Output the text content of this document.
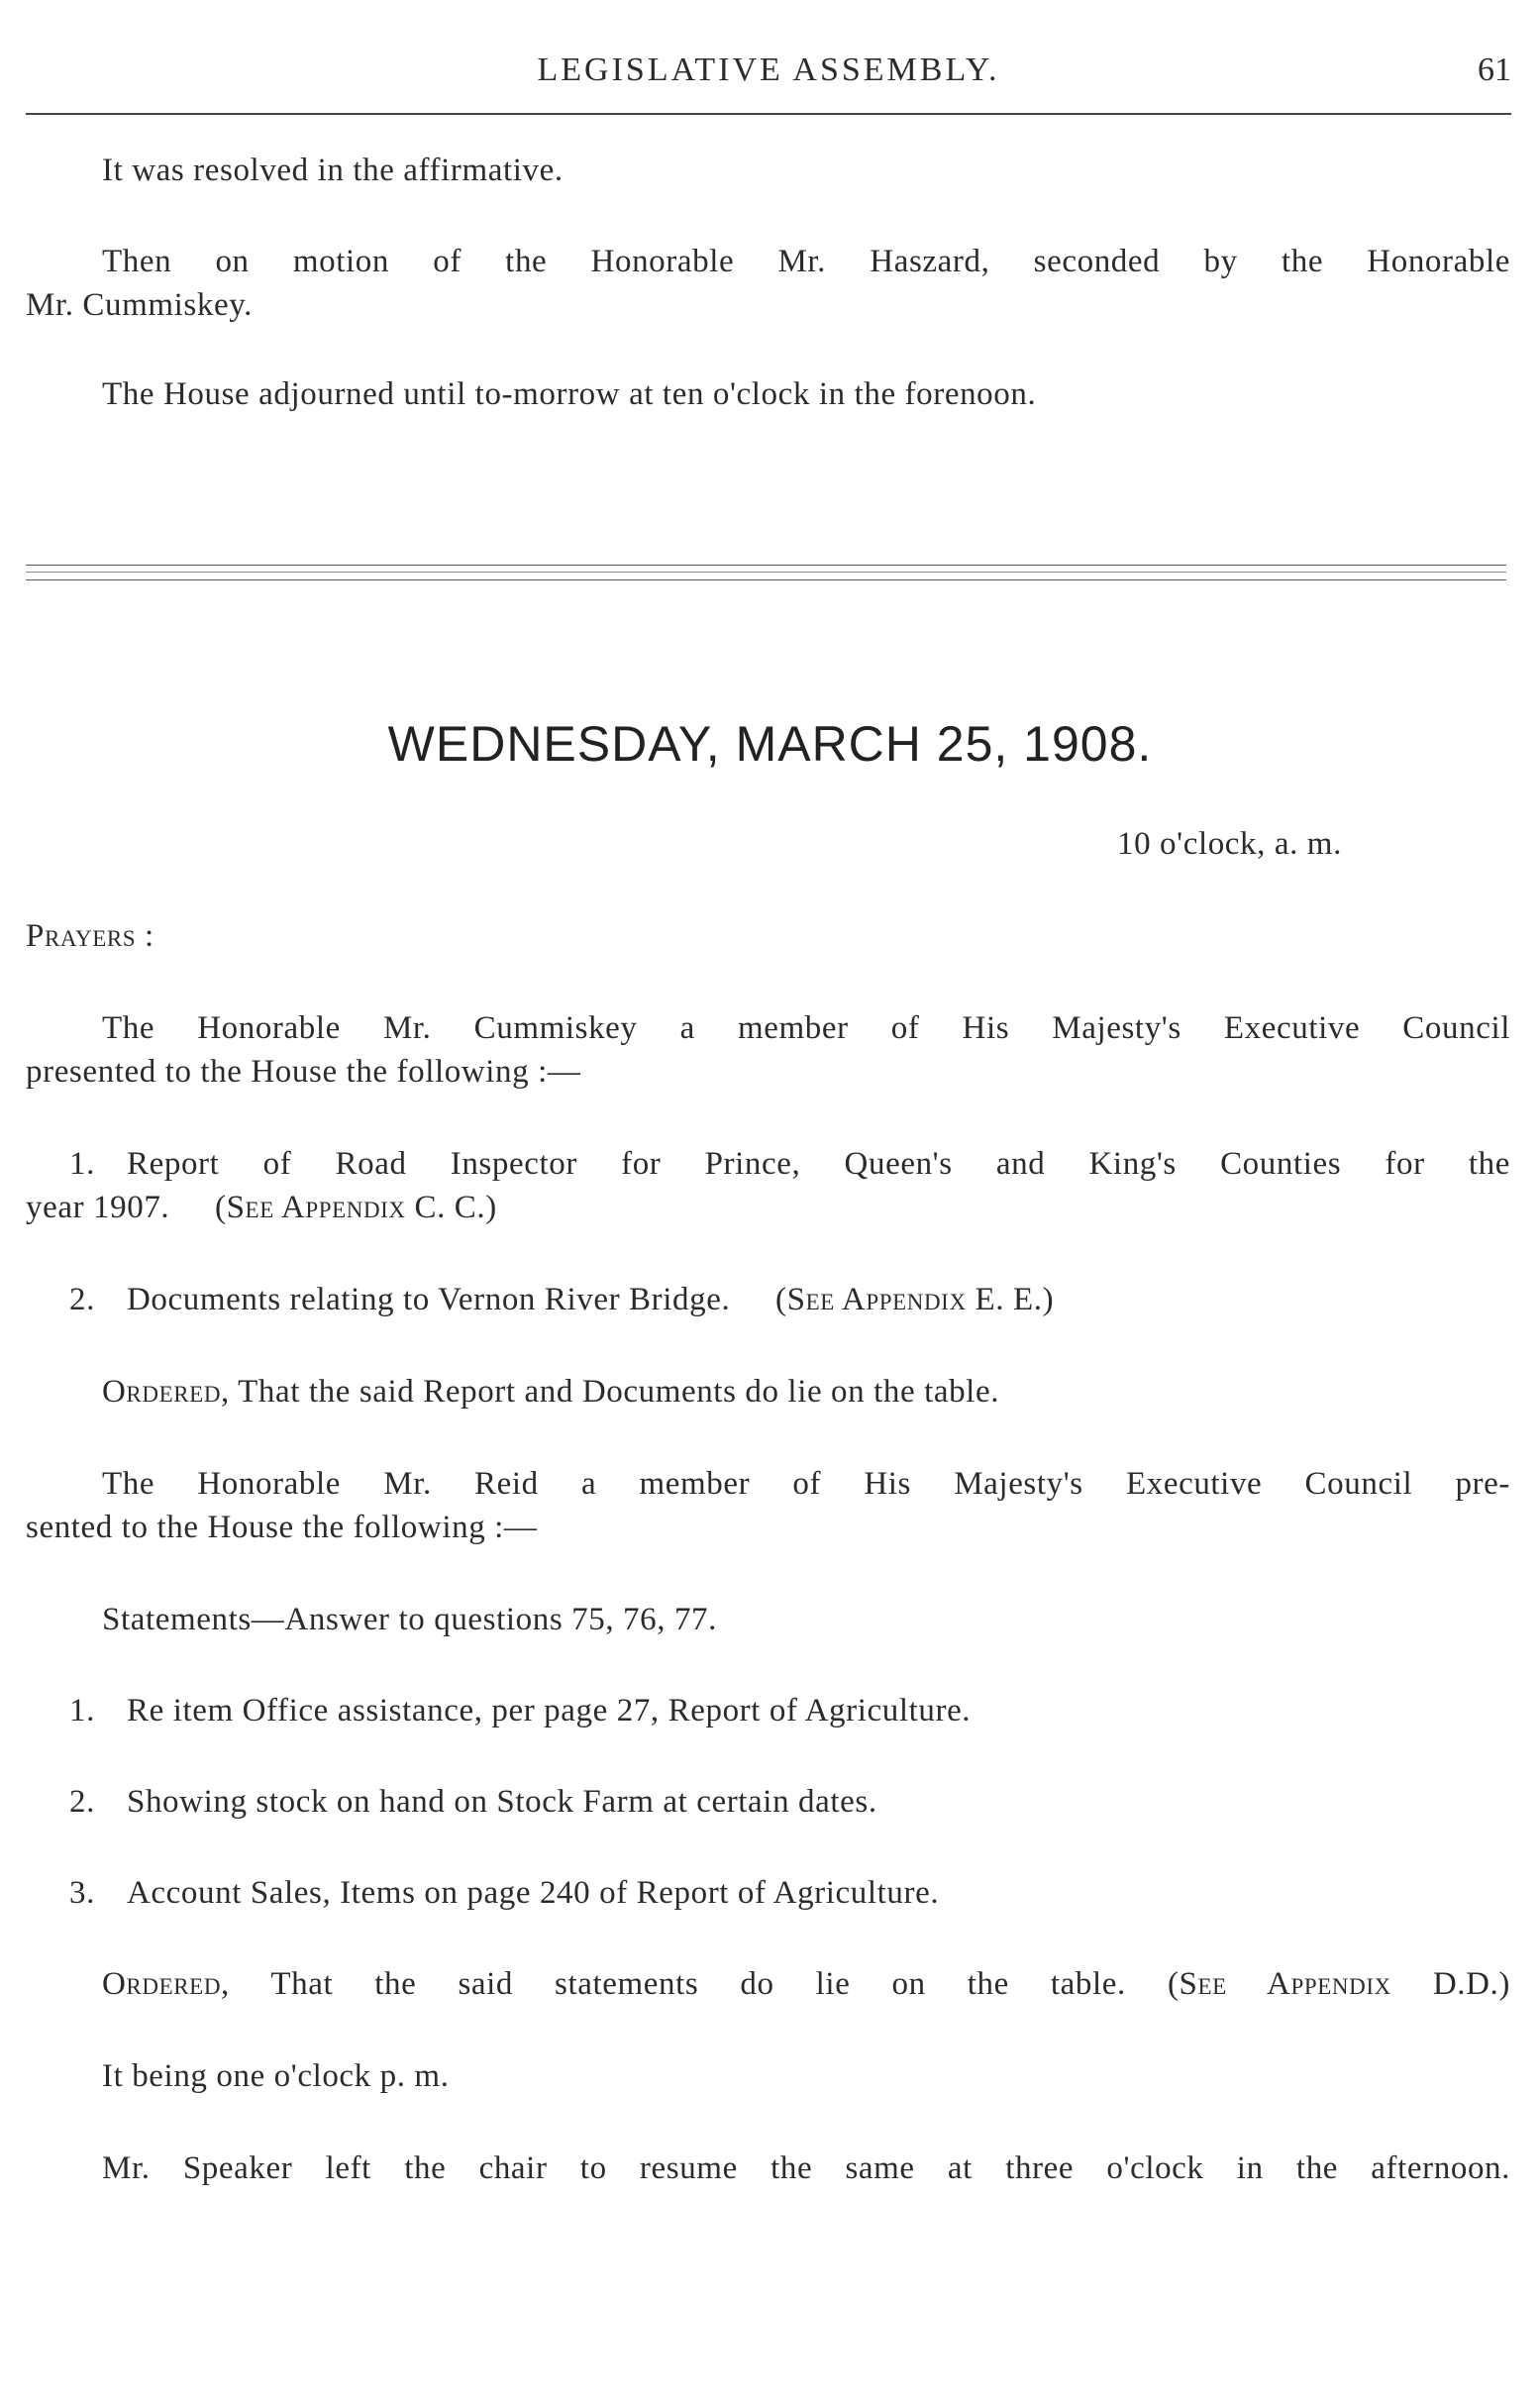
LEGISLATIVE ASSEMBLY.	61
It was resolved in the affirmative.
Then on motion of the Honorable Mr. Haszard, seconded by the Honorable
Mr. Cummiskey.
The House adjourned until to-morrow at ten o'clock in the forenoon.
WEDNESDAY, MARCH 25, 1908.
10 o'clock, a. m.
Prayers :
The Honorable Mr. Cummiskey a member of His Majesty's Executive Council
presented to the House the following :—
1. Report of Road Inspector for Prince, Queen's and King's Counties for the
year 1907. (See Appendix C. C.)
2. Documents relating to Vernon River Bridge. (See Appendix E. E.)
Ordered, That the said Report and Documents do lie on the table.
The Honorable Mr. Reid a member of His Majesty's Executive Council pre-
sented to the House the following :—
Statements—Answer to questions 75, 76, 77.
1. Re item Office assistance, per page 27, Report of Agriculture.
2. Showing stock on hand on Stock Farm at certain dates.
3. Account Sales, Items on page 240 of Report of Agriculture.
Ordered, That the said statements do lie on the table. (See Appendix D.D.)
It being one o'clock p. m.
Mr. Speaker left the chair to resume the same at three o'clock in the afternoon.
